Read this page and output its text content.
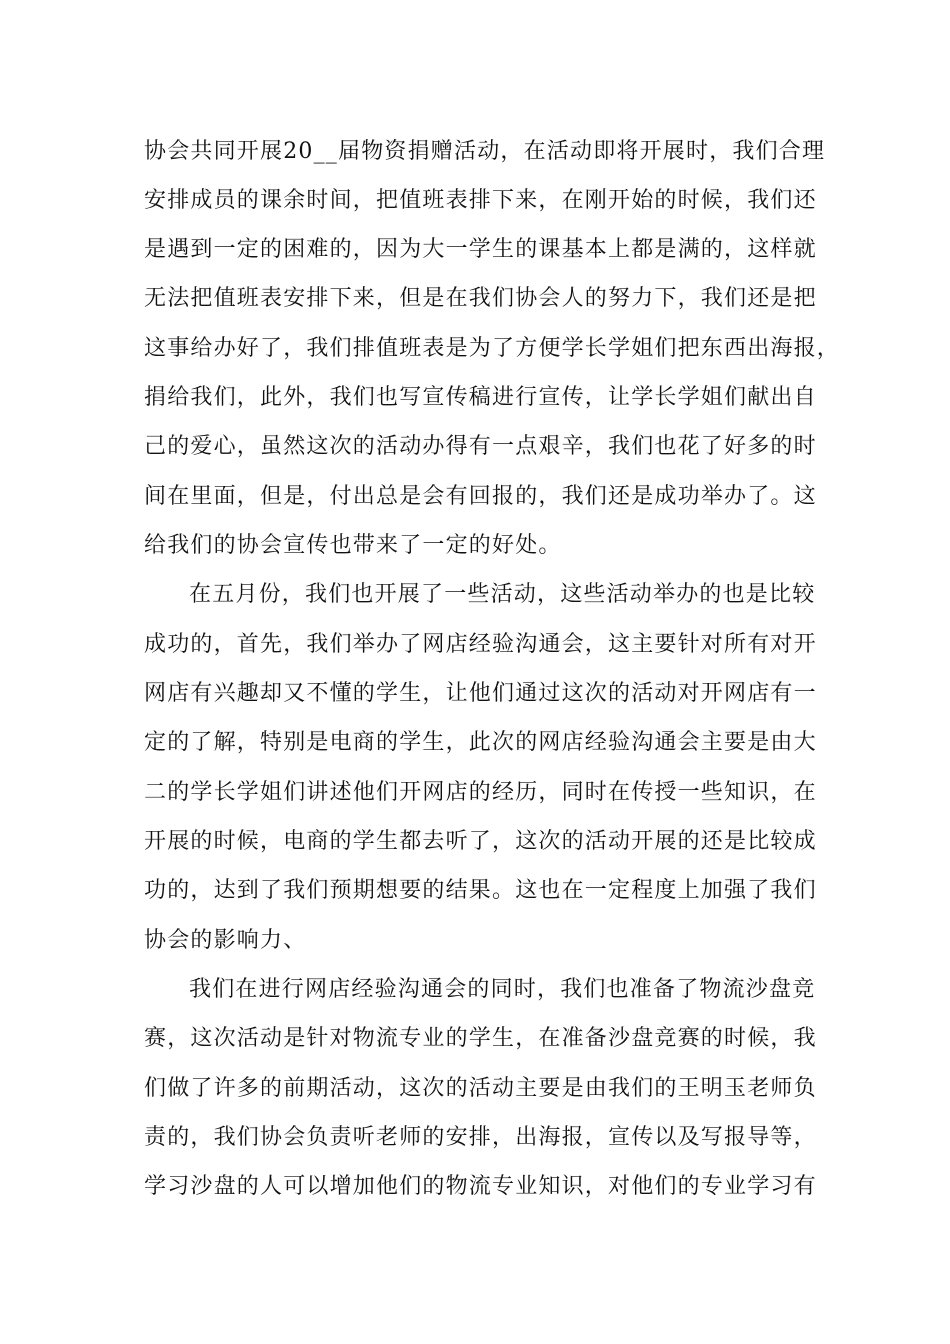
协会共同开展20__届物资捐赠活动，在活动即将开展时，我们合理
安排成员的课余时间，把值班表排下来，在刚开始的时候，我们还
是遇到一定的困难的，因为大一学生的课基本上都是满的，这样就
无法把值班表安排下来，但是在我们协会人的努力下，我们还是把
这事给办好了，我们排值班表是为了方便学长学姐们把东西出海报，
捐给我们，此外，我们也写宣传稿进行宣传，让学长学姐们献出自
己的爱心，虽然这次的活动办得有一点艰辛，我们也花了好多的时
间在里面，但是，付出总是会有回报的，我们还是成功举办了。这
给我们的协会宣传也带来了一定的好处。
在五月份，我们也开展了一些活动，这些活动举办的也是比较
成功的，首先，我们举办了网店经验沟通会，这主要针对所有对开
网店有兴趣却又不懂的学生，让他们通过这次的活动对开网店有一
定的了解，特别是电商的学生，此次的网店经验沟通会主要是由大
二的学长学姐们讲述他们开网店的经历，同时在传授一些知识，在
开展的时候，电商的学生都去听了，这次的活动开展的还是比较成
功的，达到了我们预期想要的结果。这也在一定程度上加强了我们
协会的影响力、
我们在进行网店经验沟通会的同时，我们也准备了物流沙盘竞
赛，这次活动是针对物流专业的学生，在准备沙盘竞赛的时候，我
们做了许多的前期活动，这次的活动主要是由我们的王明玉老师负
责的，我们协会负责听老师的安排，出海报，宣传以及写报导等，
学习沙盘的人可以增加他们的物流专业知识，对他们的专业学习有
